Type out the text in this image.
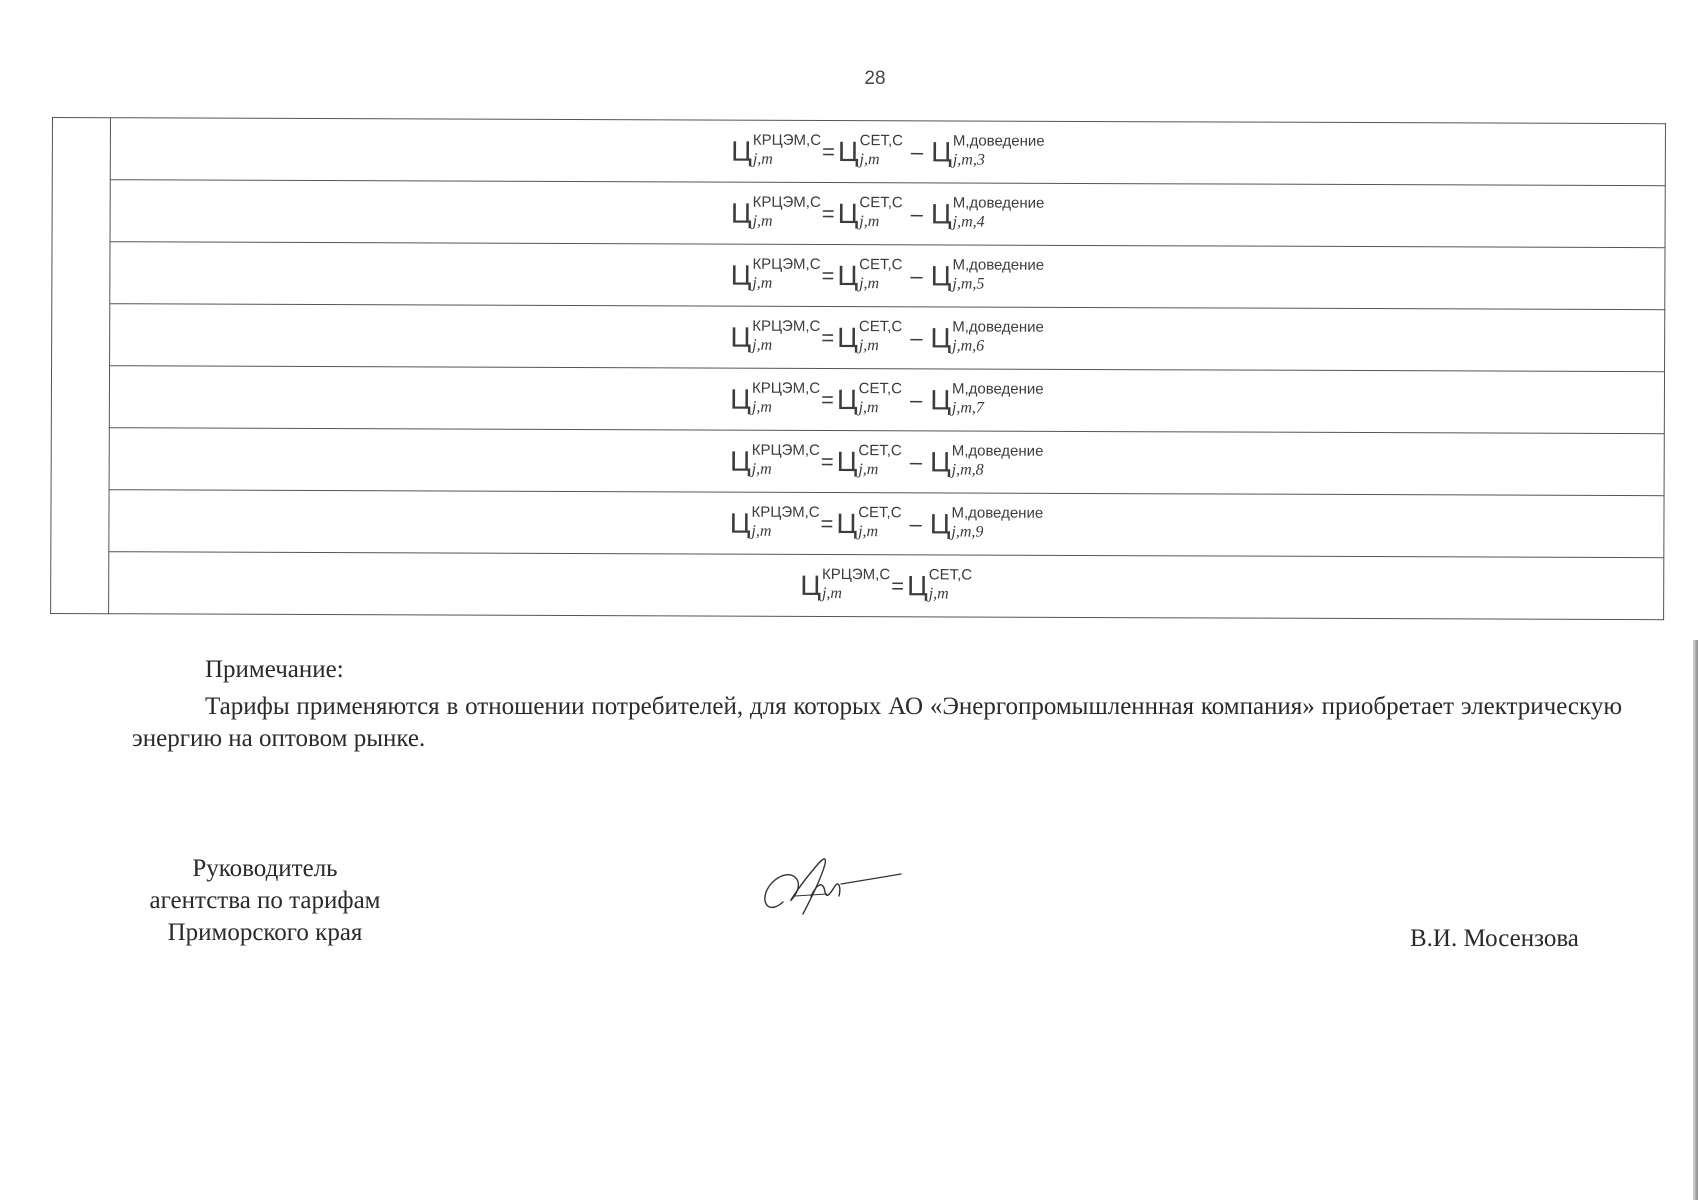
28
	Ц КРЦЭМ,C
j,m	= Ц СЕТ,C
j,m	– Ц М,доведение
j,m,3

Ц КРЦЭМ,C
j,m	= Ц СЕТ,C
j,m	– Ц М,доведение
j,m,4

Ц КРЦЭМ,C
j,m	= Ц СЕТ,C
j,m	– Ц М,доведение
j,m,5

Ц КРЦЭМ,C
j,m	= Ц СЕТ,C
j,m	– Ц М,доведение
j,m,6

Ц КРЦЭМ,C
j,m	= Ц СЕТ,C
j,m	– Ц М,доведение
j,m,7

Ц КРЦЭМ,C
j,m	= Ц СЕТ,C
j,m	– Ц М,доведение
j,m,8

Ц КРЦЭМ,C
j,m	= Ц СЕТ,C
j,m	– Ц М,доведение
j,m,9

Ц КРЦЭМ,C
j,m	= Ц СЕТ,C
j,m

Примечание:

Тарифы применяются в отношении потребителей, для которых АО «Энергопромышленнная компания» приобретает электрическую энергию на оптовом рынке.

Руководитель
агентства по тарифам
Приморского края	В.И. Мосензова
